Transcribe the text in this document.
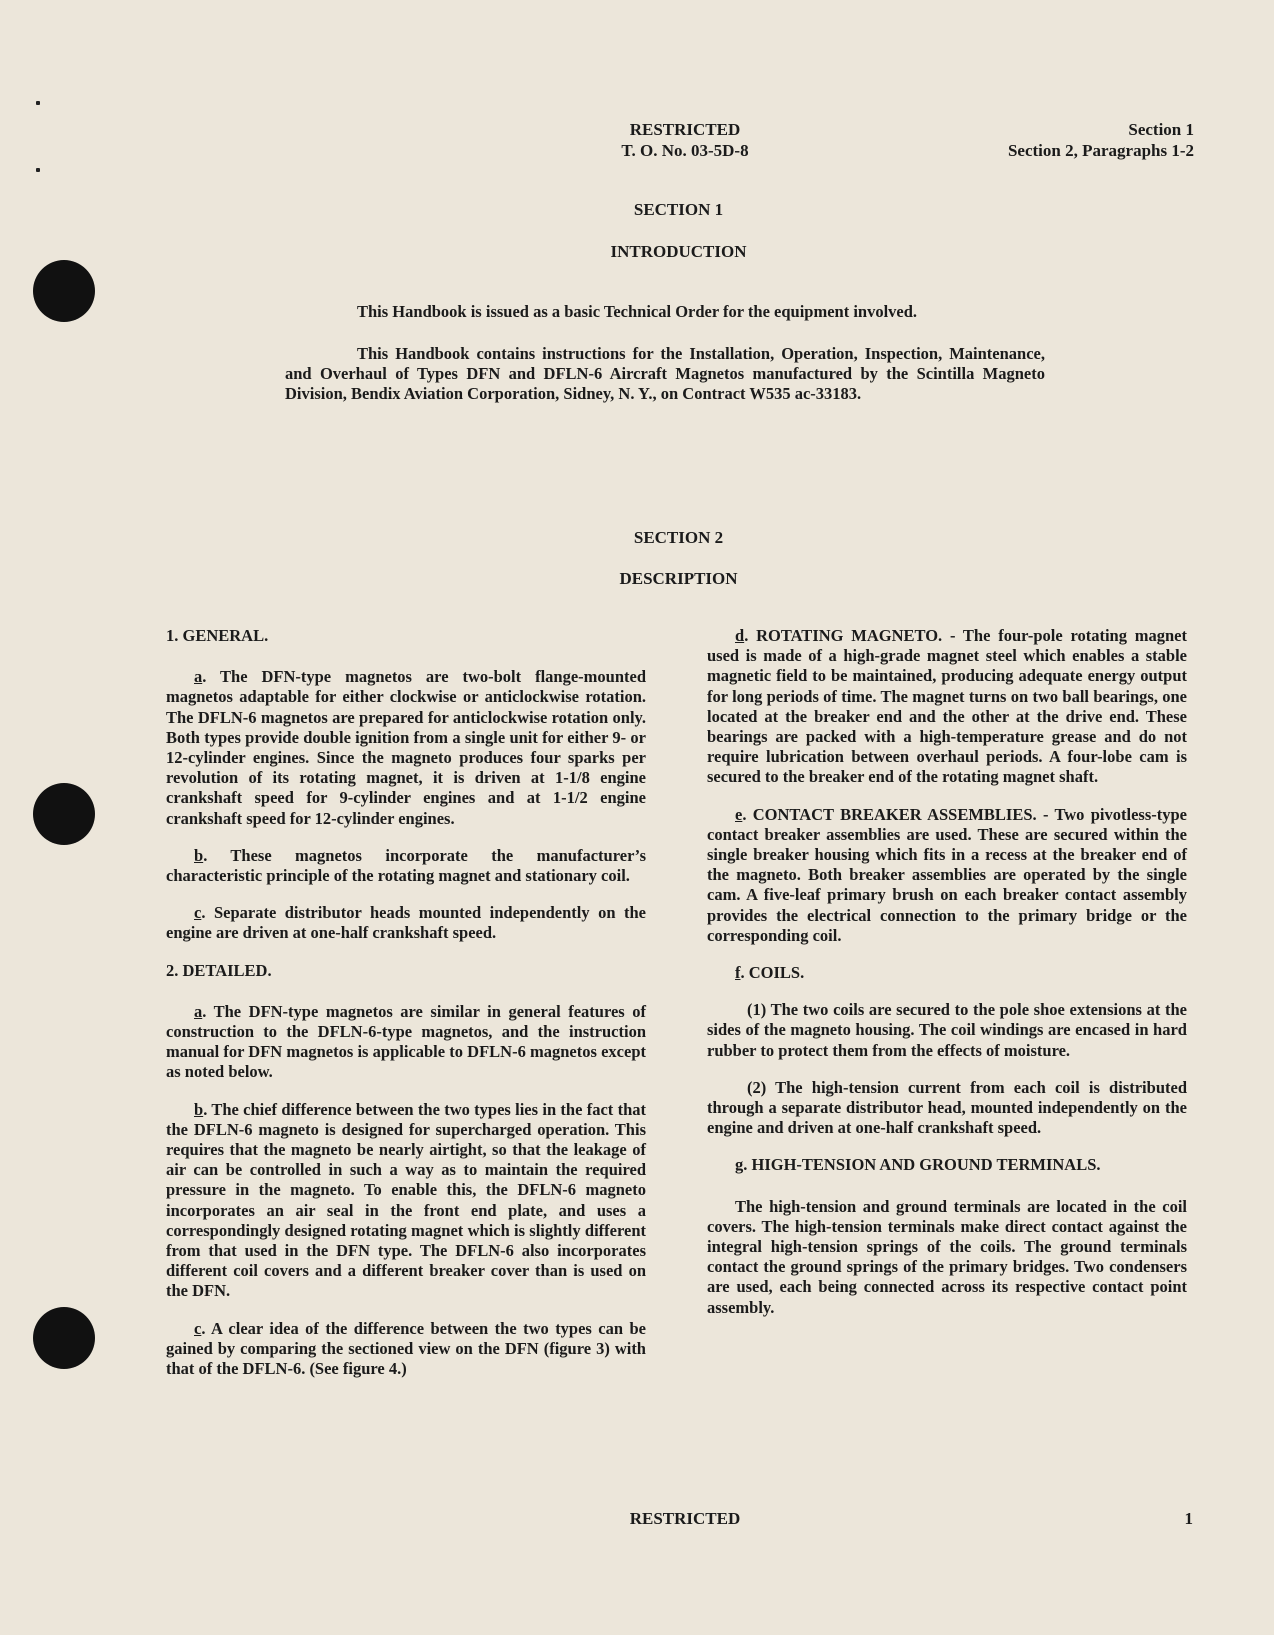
RESTRICTED
T. O. No. 03-5D-8
Section 1
Section 2, Paragraphs 1-2
SECTION 1
INTRODUCTION

This Handbook is issued as a basic Technical Order for the equipment involved.

This Handbook contains instructions for the Installation, Operation, Inspection, Maintenance, and Overhaul of Types DFN and DFLN-6 Aircraft Magnetos manufactured by the Scintilla Magneto Division, Bendix Aviation Corporation, Sidney, N. Y., on Contract W535 ac-33183.

SECTION 2
DESCRIPTION
1. GENERAL.

a. The DFN-type magnetos are two-bolt flange-mounted magnetos adaptable for either clockwise or anticlockwise rotation. The DFLN-6 magnetos are prepared for anticlockwise rotation only. Both types provide double ignition from a single unit for either 9- or 12-cylinder engines. Since the magneto produces four sparks per revolution of its rotating magnet, it is driven at 1-1/8 engine crankshaft speed for 9-cylinder engines and at 1-1/2 engine crankshaft speed for 12-cylinder engines.

b. These magnetos incorporate the manufacturer’s characteristic principle of the rotating magnet and stationary coil.

c. Separate distributor heads mounted independently on the engine are driven at one-half crankshaft speed.

2. DETAILED.

a. The DFN-type magnetos are similar in general features of construction to the DFLN-6-type magnetos, and the instruction manual for DFN magnetos is applicable to DFLN-6 magnetos except as noted below.

b. The chief difference between the two types lies in the fact that the DFLN-6 magneto is designed for supercharged operation. This requires that the magneto be nearly airtight, so that the leakage of air can be controlled in such a way as to maintain the required pressure in the magneto. To enable this, the DFLN-6 magneto incorporates an air seal in the front end plate, and uses a correspondingly designed rotating magnet which is slightly different from that used in the DFN type. The DFLN-6 also incorporates different coil covers and a different breaker cover than is used on the DFN.

c. A clear idea of the difference between the two types can be gained by comparing the sectioned view on the DFN (figure 3) with that of the DFLN-6. (See figure 4.)

d. ROTATING MAGNETO. - The four-pole rotating magnet used is made of a high-grade magnet steel which enables a stable magnetic field to be maintained, producing adequate energy output for long periods of time. The magnet turns on two ball bearings, one located at the breaker end and the other at the drive end. These bearings are packed with a high-temperature grease and do not require lubrication between overhaul periods. A four-lobe cam is secured to the breaker end of the rotating magnet shaft.

e. CONTACT BREAKER ASSEMBLIES. - Two pivotless-type contact breaker assemblies are used. These are secured within the single breaker housing which fits in a recess at the breaker end of the magneto. Both breaker assemblies are operated by the single cam. A five-leaf primary brush on each breaker contact assembly provides the electrical connection to the primary bridge or the corresponding coil.

f. COILS.

(1) The two coils are secured to the pole shoe extensions at the sides of the magneto housing. The coil windings are encased in hard rubber to protect them from the effects of moisture.

(2) The high-tension current from each coil is distributed through a separate distributor head, mounted independently on the engine and driven at one-half crankshaft speed.

g. HIGH-TENSION AND GROUND TERMINALS.

The high-tension and ground terminals are located in the coil covers. The high-tension terminals make direct contact against the integral high-tension springs of the coils. The ground terminals contact the ground springs of the primary bridges. Two condensers are used, each being connected across its respective contact point assembly.

RESTRICTED	1
